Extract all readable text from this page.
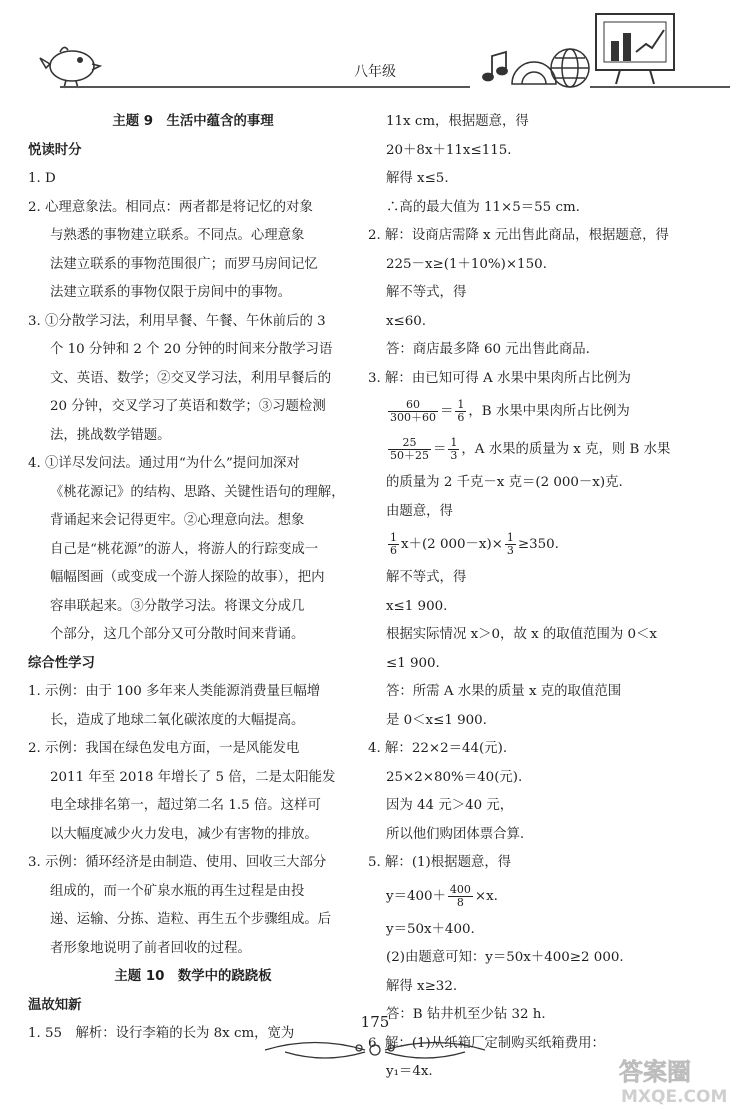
八年级
主题 9　生活中蕴含的事理
悦读时分
1. D
2. 心理意象法。相同点：两者都是将记忆的对象
与熟悉的事物建立联系。不同点。心理意象
法建立联系的事物范围很广；而罗马房间记忆
法建立联系的事物仅限于房间中的事物。
3. ①分散学习法，利用早餐、午餐、午休前后的 3
个 10 分钟和 2 个 20 分钟的时间来分散学习语
文、英语、数学；②交叉学习法，利用早餐后的
20 分钟，交叉学习了英语和数学；③习题检测
法，挑战数学错题。
4. ①详尽发问法。通过用“为什么”提问加深对
《桃花源记》的结构、思路、关键性语句的理解，
背诵起来会记得更牢。②心理意向法。想象
自己是“桃花源”的游人，将游人的行踪变成一
幅幅图画（或变成一个游人探险的故事），把内
容串联起来。③分散学习法。将课文分成几
个部分，这几个部分又可分散时间来背诵。
综合性学习
1. 示例：由于 100 多年来人类能源消费量巨幅增
长，造成了地球二氧化碳浓度的大幅提高。
2. 示例：我国在绿色发电方面，一是风能发电
2011 年至 2018 年增长了 5 倍，二是太阳能发
电全球排名第一，超过第二名 1.5 倍。这样可
以大幅度减少火力发电，减少有害物的排放。
3. 示例：循环经济是由制造、使用、回收三大部分
组成的，而一个矿泉水瓶的再生过程是由投
递、运输、分拣、造粒、再生五个步骤组成。后
者形象地说明了前者回收的过程。
主题 10　数学中的跷跷板
温故知新
1. 55　解析：设行李箱的长为 8x cm，宽为
11x cm，根据题意，得
20＋8x＋11x≤115.
解得 x≤5.
∴高的最大值为 11×5＝55 cm.
2. 解：设商店需降 x 元出售此商品，根据题意，得
225－x≥(1＋10%)×150.
解不等式，得
x≤60.
答：商店最多降 60 元出售此商品.
3. 解：由已知可得 A 水果中果肉所占比例为
$\frac{60}{300+60} = \frac{1}{6}$ ，B 水果中果肉所占比例为
$\frac{25}{50+25} = \frac{1}{3}$ ，A 水果的质量为 x 克，则 B 水果
的质量为 2 千克－x 克＝(2 000－x)克.
由题意，得
$\frac{1}{6} x+(2$ $000-x)\times \frac{1}{3} \ge 350$.
解不等式，得
x≤1 900.
根据实际情况 x＞0，故 x 的取值范围为 0＜x
≤1 900.
答：所需 A 水果的质量 x 克的取值范围
是 0＜x≤1 900.
4. 解：22×2＝44(元).
25×2×80%＝40(元).
因为 44 元＞40 元，
所以他们购团体票合算.
5. 解：(1)根据题意，得
$y=400+ \frac{400}{8} \times x$.
y＝50x＋400.
(2)由题意可知：y＝50x＋400≥2 000.
解得 x≥32.
答：B 钻井机至少钻 32 h.
6. 解：(1)从纸箱厂定制购买纸箱费用：
y₁＝4x.
175
答案圈
MXQE.COM
